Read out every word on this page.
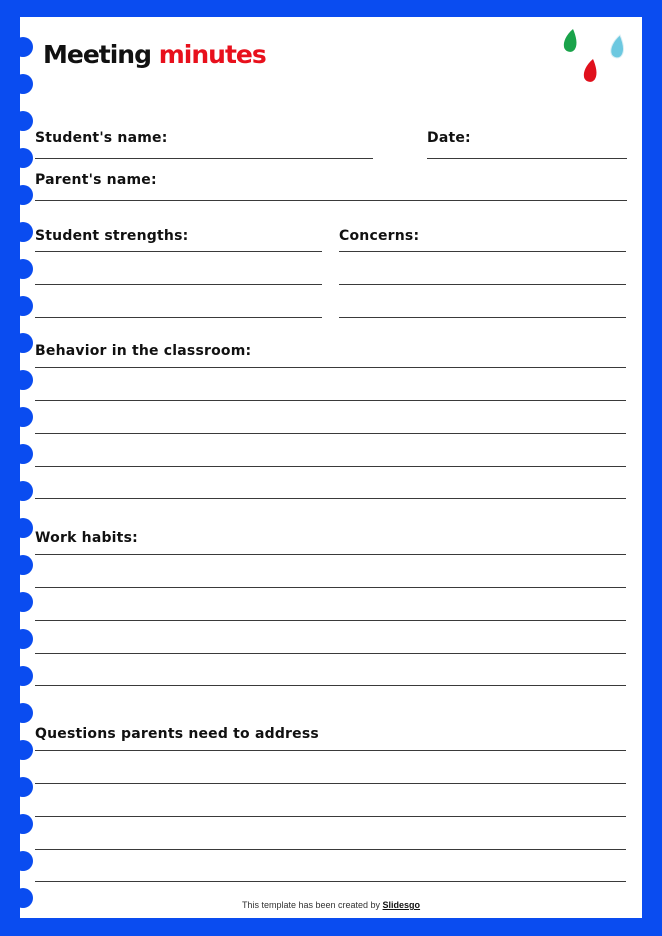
Meeting minutes

Student's name:	Date:

Parent's name:

Student strengths:	Concerns:

Behavior in the classroom:

Work habits:

Questions parents need to address

This template has been created by Slidesgo
